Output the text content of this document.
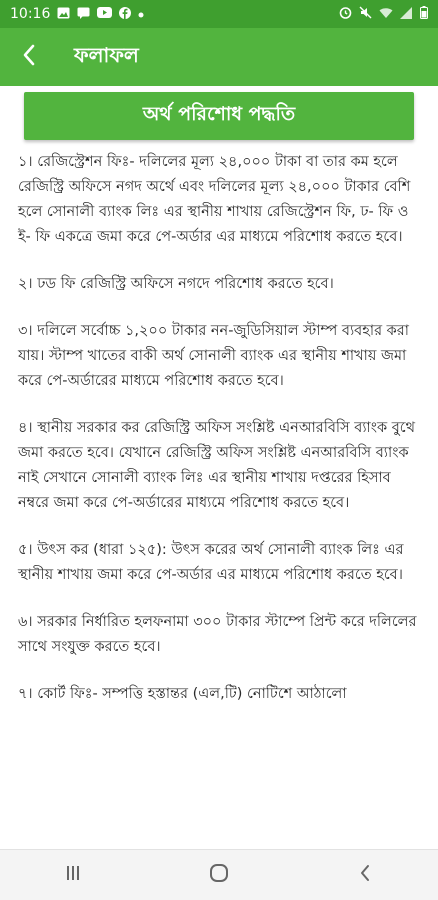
10:16
ফলাফল
অর্থ পরিশোধ পদ্ধতি

১। রেজিস্ট্রেশন ফিঃ- দলিলের মূল্য ২৪,০০০ টাকা বা তার কম হলে রেজিস্ট্রি অফিসে নগদ অর্থে এবং দলিলের মূল্য ২৪,০০০ টাকার বেশি হলে সোনালী ব্যাংক লিঃ এর স্থানীয় শাখায় রেজিস্ট্রেশন ফি, ঢ- ফি ও ই- ফি একত্রে জমা করে পে-অর্ডার এর মাধ্যমে পরিশোধ করতে হবে।

২। ঢড ফি রেজিস্ট্রি অফিসে নগদে পরিশোধ করতে হবে।

৩। দলিলে সর্বোচ্চ ১,২০০ টাকার নন-জুডিসিয়াল স্টাম্প ব্যবহার করা যায়। স্টাম্প খাতের বাকী অর্থ সোনালী ব্যাংক এর স্থানীয় শাখায় জমা করে পে-অর্ডারের মাধ্যমে পরিশোধ করতে হবে।

৪। স্থানীয় সরকার কর রেজিস্ট্রি অফিস সংশ্লিষ্ট এনআরবিসি ব্যাংক বুথে জমা করতে হবে। যেখানে রেজিস্ট্রি অফিস সংশ্লিষ্ট এনআরবিসি ব্যাংক নাই সেখানে সোনালী ব্যাংক লিঃ এর স্থানীয় শাখায় দপ্তরের হিসাব নম্বরে জমা করে পে-অর্ডারের মাধ্যমে পরিশোধ করতে হবে।

৫। উৎস কর (ধারা ১২৫): উৎস করের অর্থ সোনালী ব্যাংক লিঃ এর স্থানীয় শাখায় জমা করে পে-অর্ডার এর মাধ্যমে পরিশোধ করতে হবে।

৬। সরকার নির্ধারিত হলফনামা ৩০০ টাকার স্টাম্পে প্রিন্ট করে দলিলের সাথে সংযুক্ত করতে হবে।

৭। কোর্ট ফিঃ- সম্পত্তি হস্তান্তর (এল,টি) নোটিশে আঠালো
